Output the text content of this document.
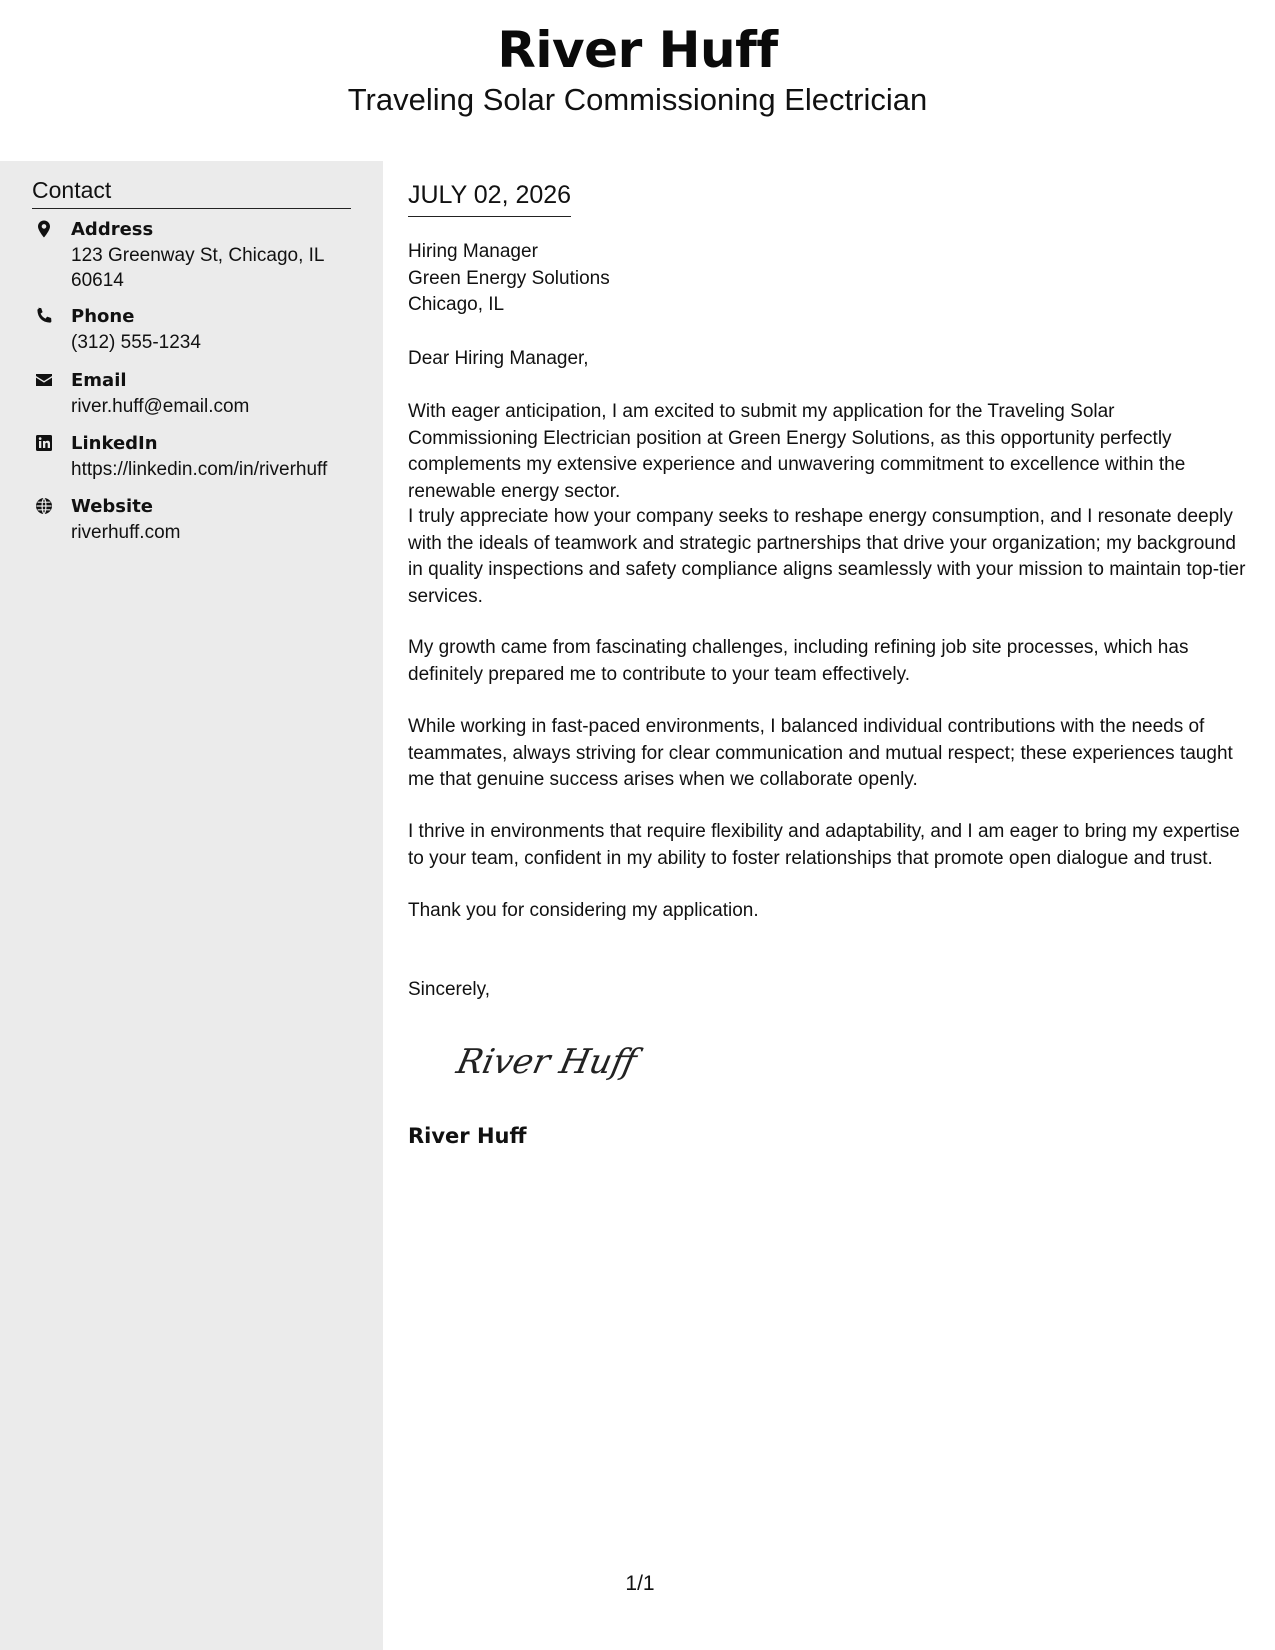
River Huff
Traveling Solar Commissioning Electrician
Contact
Address
123 Greenway St, Chicago, IL 60614
Phone
(312) 555-1234
Email
river.huff@email.com
LinkedIn
https://linkedin.com/in/riverhuff
Website
riverhuff.com
JULY 02, 2026
Hiring Manager
Green Energy Solutions
Chicago, IL

Dear Hiring Manager,

With eager anticipation, I am excited to submit my application for the Traveling Solar Commissioning Electrician position at Green Energy Solutions, as this opportunity perfectly complements my extensive experience and unwavering commitment to excellence within the renewable energy sector.

I truly appreciate how your company seeks to reshape energy consumption, and I resonate deeply with the ideals of teamwork and strategic partnerships that drive your organization; my background in quality inspections and safety compliance aligns seamlessly with your mission to maintain top-tier services.

My growth came from fascinating challenges, including refining job site processes, which has definitely prepared me to contribute to your team effectively.

While working in fast-paced environments, I balanced individual contributions with the needs of teammates, always striving for clear communication and mutual respect; these experiences taught me that genuine success arises when we collaborate openly.

I thrive in environments that require flexibility and adaptability, and I am eager to bring my expertise to your team, confident in my ability to foster relationships that promote open dialogue and trust.

Thank you for considering my application.

Sincerely,

River Huff
River Huff
1/1
